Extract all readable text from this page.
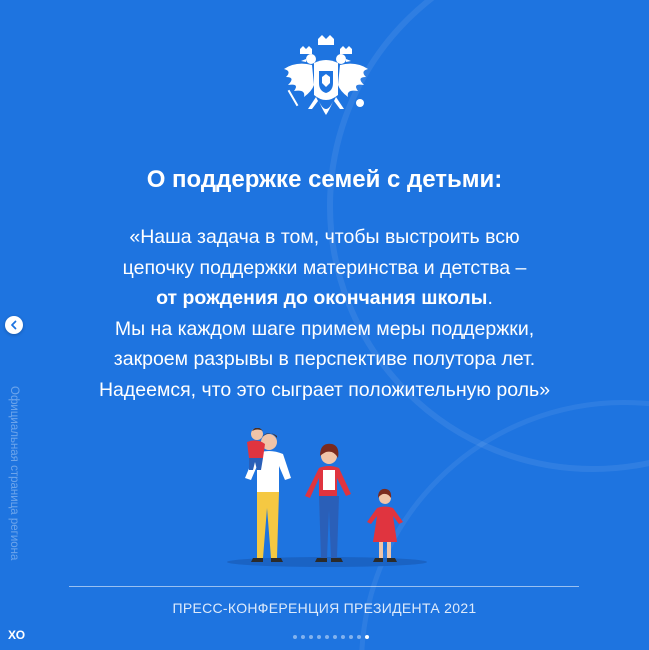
О поддержке семей с детьми:
«Наша задача в том, чтобы выстроить всю
цепочку поддержки материнства и детства –
от рождения до окончания школы.
Мы на каждом шаге примем меры поддержки,
закроем разрывы в перспективе полутора лет.
Надеемся, что это сыграет положительную роль»
ПРЕСС-КОНФЕРЕНЦИЯ ПРЕЗИДЕНТА 2021
Официальная страница региона
ХО
